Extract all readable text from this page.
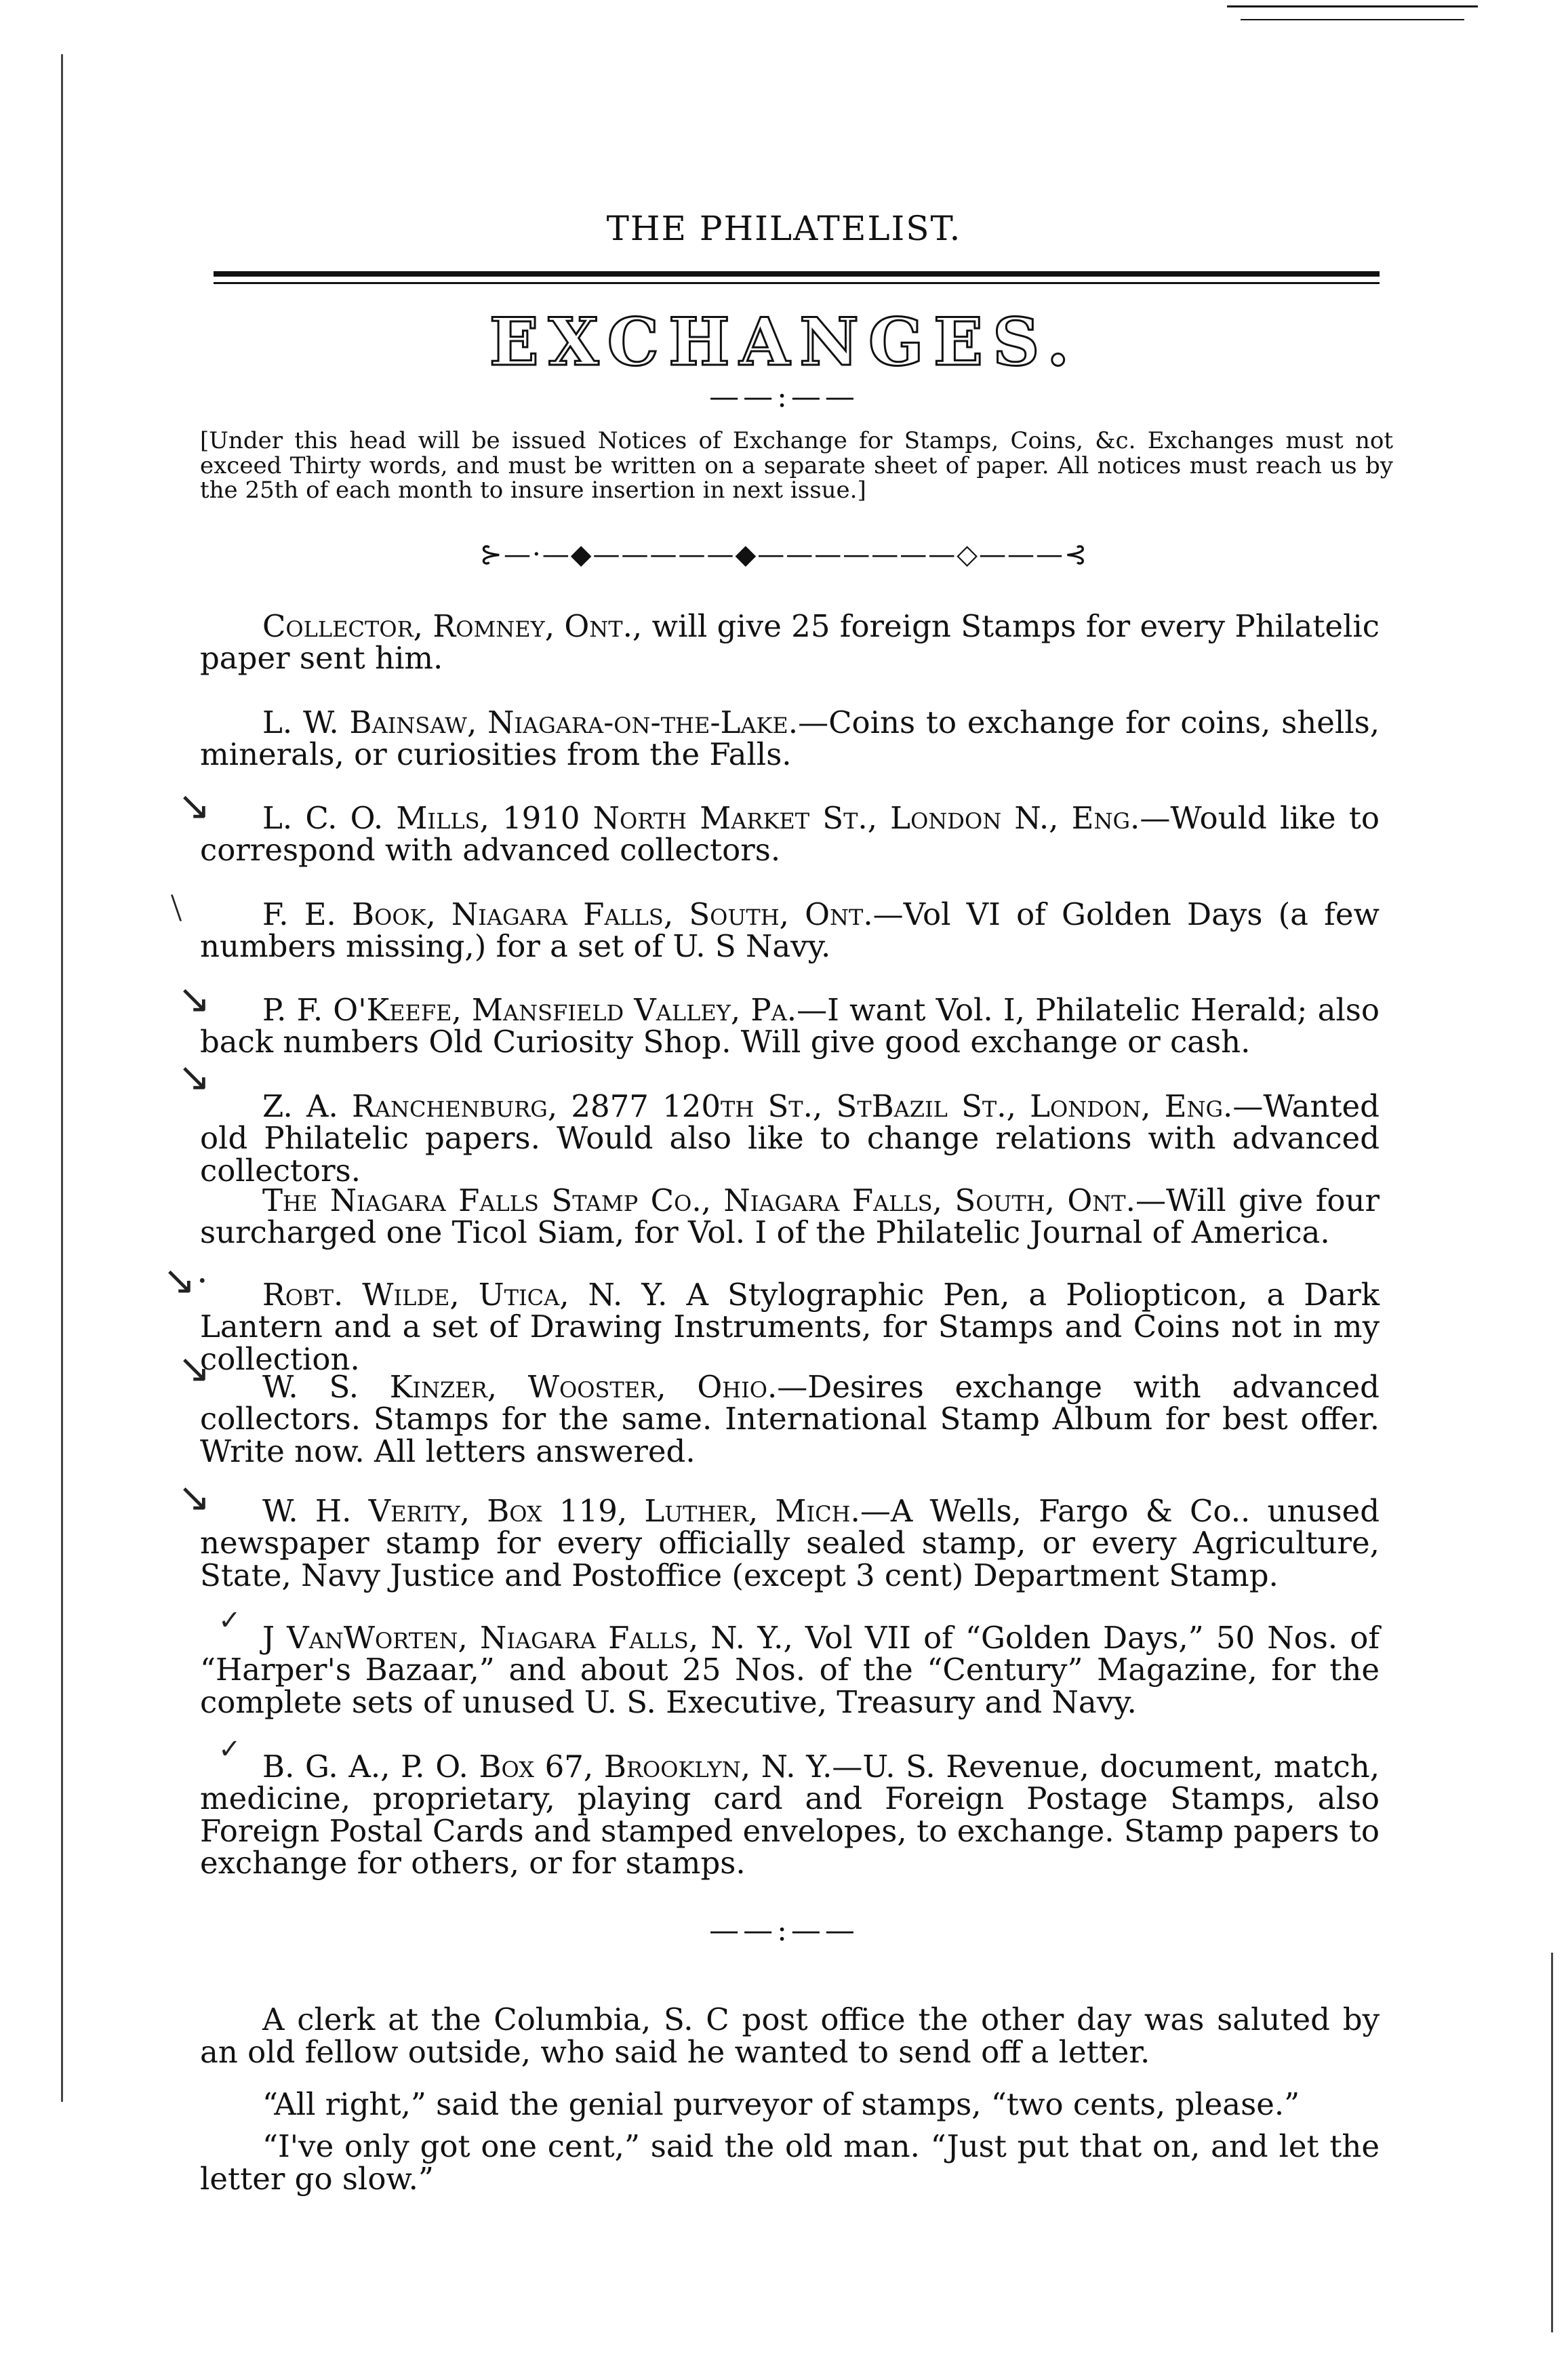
THE PHILATELIST.
EXCHANGES.
——:——
[Under this head will be issued Notices of Exchange for Stamps, Coins, &c. Exchanges must not exceed Thirty words, and must be written on a separate sheet of paper. All notices must reach us by the 25th of each month to insure insertion in next issue.]
⊱—·—◆—————◆———————◇———⊰
Collector, Romney, Ont., will give 25 foreign Stamps for every Philatelic paper sent him.
L. W. Bainsaw, Niagara-on-the-Lake.—Coins to exchange for coins, shells, minerals, or curiosities from the Falls.
L. C. O. Mills, 1910 North Market St., London N., Eng.—Would like to correspond with advanced collectors.
F. E. Book, Niagara Falls, South, Ont.—Vol VI of Golden Days (a few numbers missing,) for a set of U. S Navy.
P. F. O'Keefe, Mansfield Valley, Pa.—I want Vol. I, Philatelic Herald; also back numbers Old Curiosity Shop. Will give good exchange or cash.
Z. A. Ranchenburg, 2877 120th St., StBazil St., London, Eng.—Wanted old Philatelic papers. Would also like to change relations with advanced collectors.
The Niagara Falls Stamp Co., Niagara Falls, South, Ont.—Will give four surcharged one Ticol Siam, for Vol. I of the Philatelic Journal of America.
Robt. Wilde, Utica, N. Y. A Stylographic Pen, a Poliopticon, a Dark Lantern and a set of Drawing Instruments, for Stamps and Coins not in my collection.
W. S. Kinzer, Wooster, Ohio.—Desires exchange with advanced collectors. Stamps for the same. International Stamp Album for best offer. Write now. All letters answered.
W. H. Verity, Box 119, Luther, Mich.—A Wells, Fargo & Co.. unused newspaper stamp for every officially sealed stamp, or every Agriculture, State, Navy Justice and Postoffice (except 3 cent) Department Stamp.
J VanWorten, Niagara Falls, N. Y., Vol VII of “Golden Days,” 50 Nos. of “Harper's Bazaar,” and about 25 Nos. of the “Century” Magazine, for the complete sets of unused U. S. Executive, Treasury and Navy.
B. G. A., P. O. Box 67, Brooklyn, N. Y.—U. S. Revenue, document, match, medicine, proprietary, playing card and Foreign Postage Stamps, also Foreign Postal Cards and stamped envelopes, to exchange. Stamp papers to exchange for others, or for stamps.
↘
\
↘
↘
↘·
↘
↘
✓
✓
——:——
A clerk at the Columbia, S. C post office the other day was saluted by an old fellow outside, who said he wanted to send off a letter.
“All right,” said the genial purveyor of stamps, “two cents, please.”
“I've only got one cent,” said the old man. “Just put that on, and let the letter go slow.”
